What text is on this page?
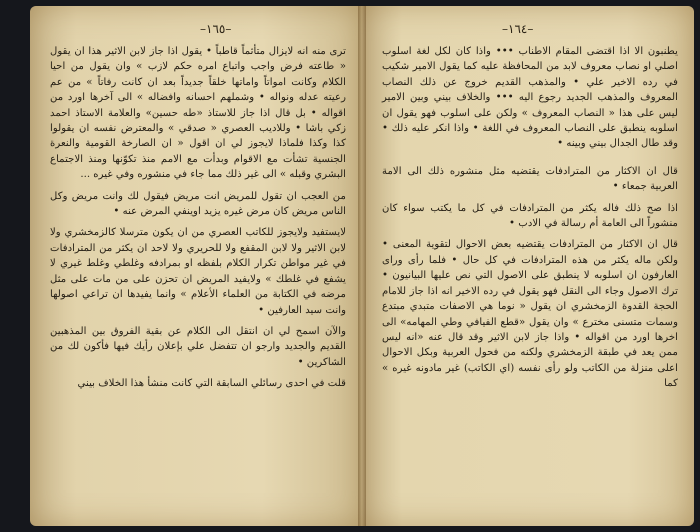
–١٦٥–

ترى منه انه لايزال متأثماً قاطباً • يقول اذا جاز لابن الاثير هذا ان يقول « طاعته فرض واجب واتباع امره حكم لازب » وان يقول من احيا الكلام وكانت امواتاً واماتها خلقاً جديداً بعد ان كانت رفاتاً » من عم رعيته عدله ونواله • وشملهم احسانه وافضاله » الى آخرها اورد من اقواله • بل قال اذا جاز للاستاذ «طه حسين» والعلامة الاستاذ احمد زكي باشا • وللاديب العصري « صدقي » والمعترض نفسه ان يقولوا كذا وكذا فلماذا لايجوز لي ان اقول « ان الصارخة القومية والنعرة الجنسية تشأت مع الاقوام وبدأت مع الامم منذ تكوّنها ومنذ الاجتماع البشري وقبله » الى غير ذلك مما جاء في منشوره وفي غيره ...

من العجب ان تقول للمريض انت مريض فيقول لك وانت مريض وكل الناس مريض كان مرض غيره يزيد اوينفي المرض عنه •

لايستفيد ولايجوز للكاتب العصري من ان يكون مترسلا كالزمخشري ولا لابن الاثير ولا لابن المقفع ولا للحريري ولا لاحد ان يكثر من المترادفات في غير مواطن تكرار الكلام بلفظه او بمرادفه وغلطي وغلط غيري لا يشفع في غلطك » ولايفيد المريض ان تحزن على من مات على مثل مرضه في الكتابة من العلماء الأعلام » وانما يفيدها ان تراعي اصولها وانت سيد العارفين •

والآن اسمح لي ان انتقل الى الكلام عن بقية الفروق بين المذهبين القديم والجديد وارجو ان تتفضل علي بإعلان رأيك فيها فأكون لك من الشاكرين •

قلت في احدى رسائلي السابقة التي كانت منشأ هذا الخلاف بيني

–١٦٤–

يطنبون الا اذا اقتضى المقام الاطناب ••• واذا كان لكل لغة اسلوب اصلي او نصاب معروف لابد من المحافظة عليه كما يقول الامير شكيب في رده الاخير علي • والمذهب القديم خروج عن ذلك النصاب المعروف والمذهب الجديد رجوع اليه ••• والخلاف بيني وبين الامير ليس على هذا « النصاب المعروف » ولكن على اسلوب فهو يقول ان اسلوبه ينطبق على النصاب المعروف في اللغة • واذا انكر عليه ذلك • وقد طال الجدال بيني وبينه •

قال ان الاكثار من المترادفات يقتضيه مثل منشوره ذلك الى الامة العربية جمعاء •

اذا صح ذلك فاله يكثر من المترادفات في كل ما يكتب سواء كان منشوراً الى العامة أم رسالة في الادب •

قال ان الاكثار من المترادفات يقتضيه بعض الاحوال لتقوية المعنى • ولكن ماله يكثر من هذه المترادفات في كل حال • فلما رأى وراى العارفون ان اسلوبه لا ينطبق على الاصول التي نص عليها البيانيون • ترك الاصول وجاء الى النقل فهو يقول في رده الاخير انه اذا جاز للامام الحجة القدوة الزمخشري ان يقول « نوما هي الاصفات متبدي مبتدع وسمات متسنى مخترع » وان يقول «قطع الفيافي وطي المهامه» الى اخرها اورد من اقواله • واذا جاز لابن الاثير وقد قال عنه «انه ليس ممن يعد في طبقة الزمخشري ولكنه من فحول العربية وبكل الاحوال اعلى منزلة من الكاتب ولو رأى نفسه (اي الكاتب) غير مادونه غيره » كما
